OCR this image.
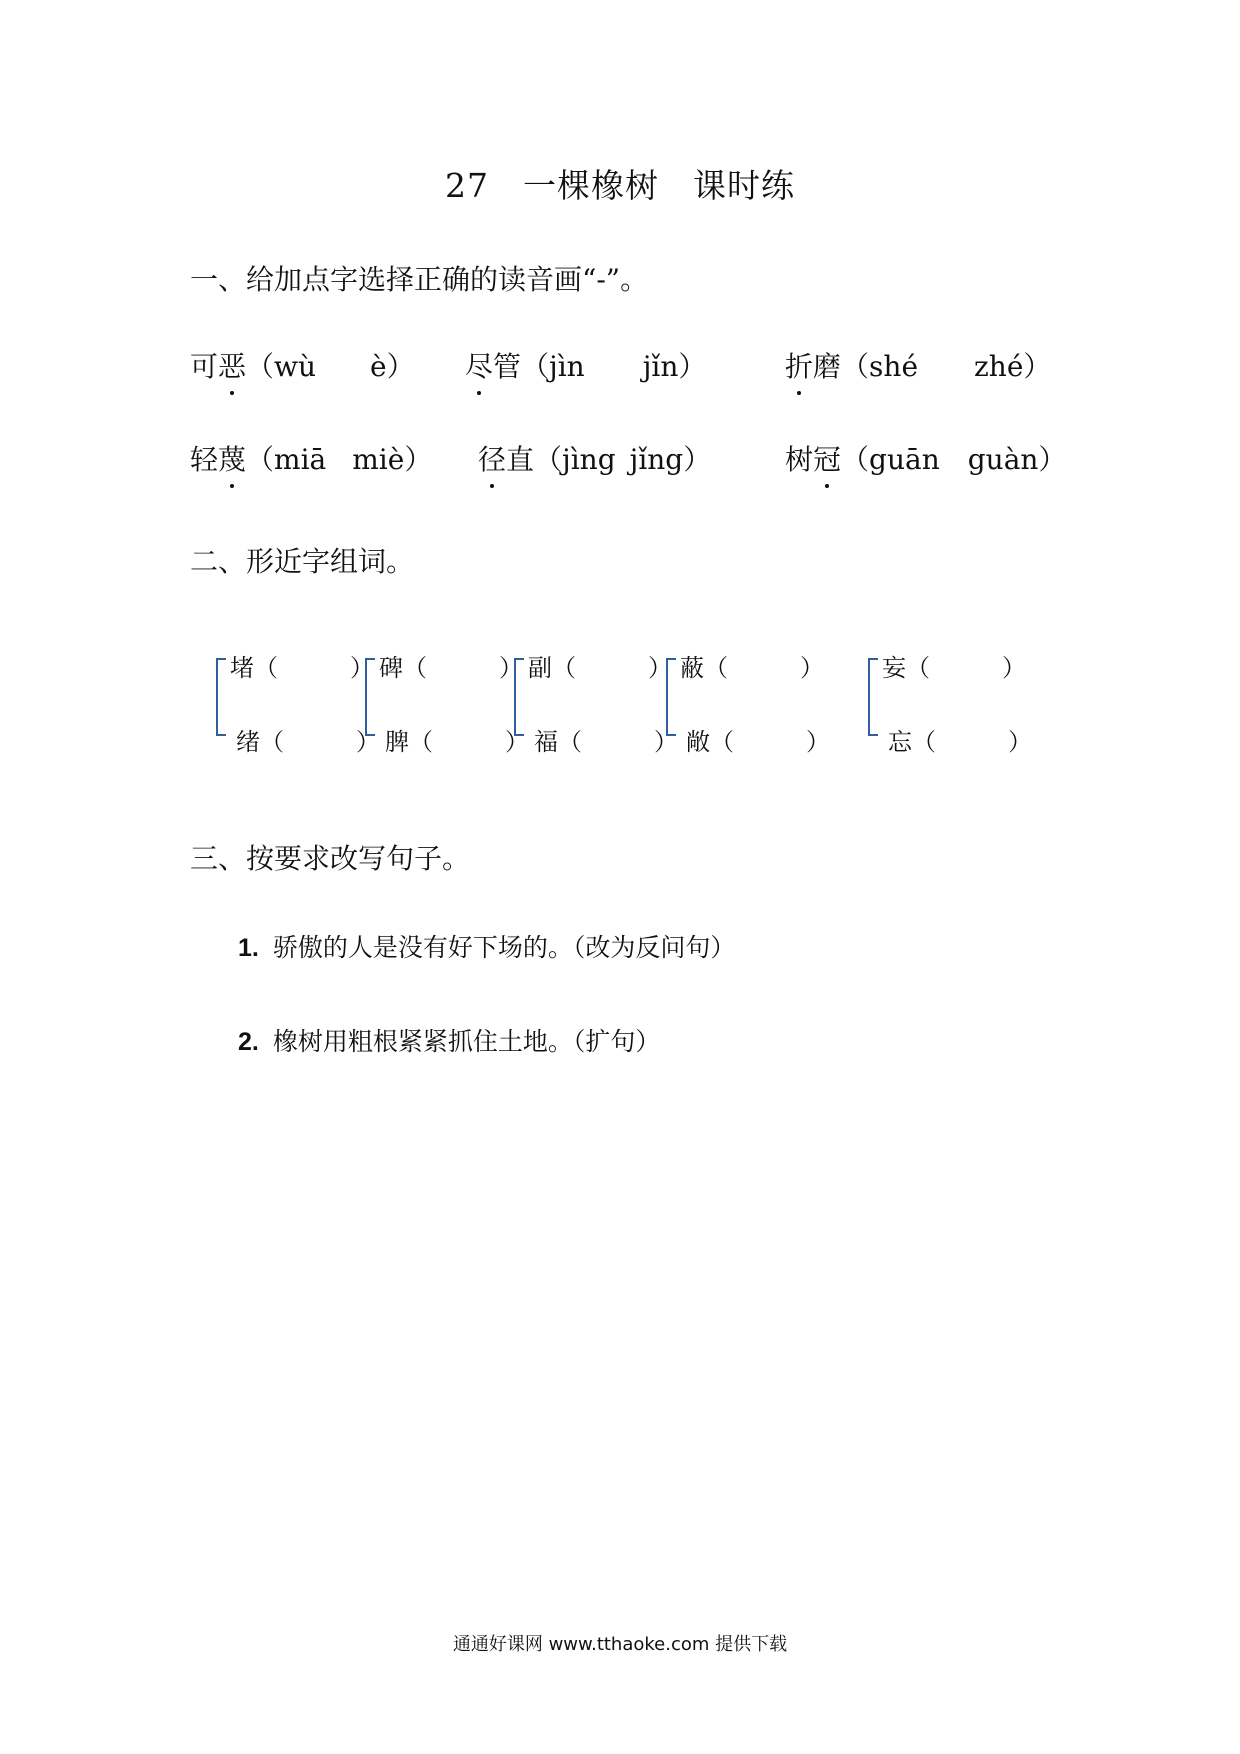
27　一棵橡树　课时练
一、给加点字选择正确的读音画“-”。
可恶（wù è） 尽管（jìn jǐn）	折磨（shé zhé）
轻蔑（miā miè） 径直（jìng jǐng）	树冠（guān guàn）
二、形近字组词。
堵（　　　）
绪（　　　）
碑（　　　）
脾（　　　）
副（　　　）
福（　　　）
蔽（　　　）
敞（　　　）
妄（　　　）
忘（　　　）
三、按要求改写句子。
1. 骄傲的人是没有好下场的。（改为反问句）
2. 橡树用粗根紧紧抓住土地。（扩句）
通通好课网 www.tthaoke.com 提供下载
